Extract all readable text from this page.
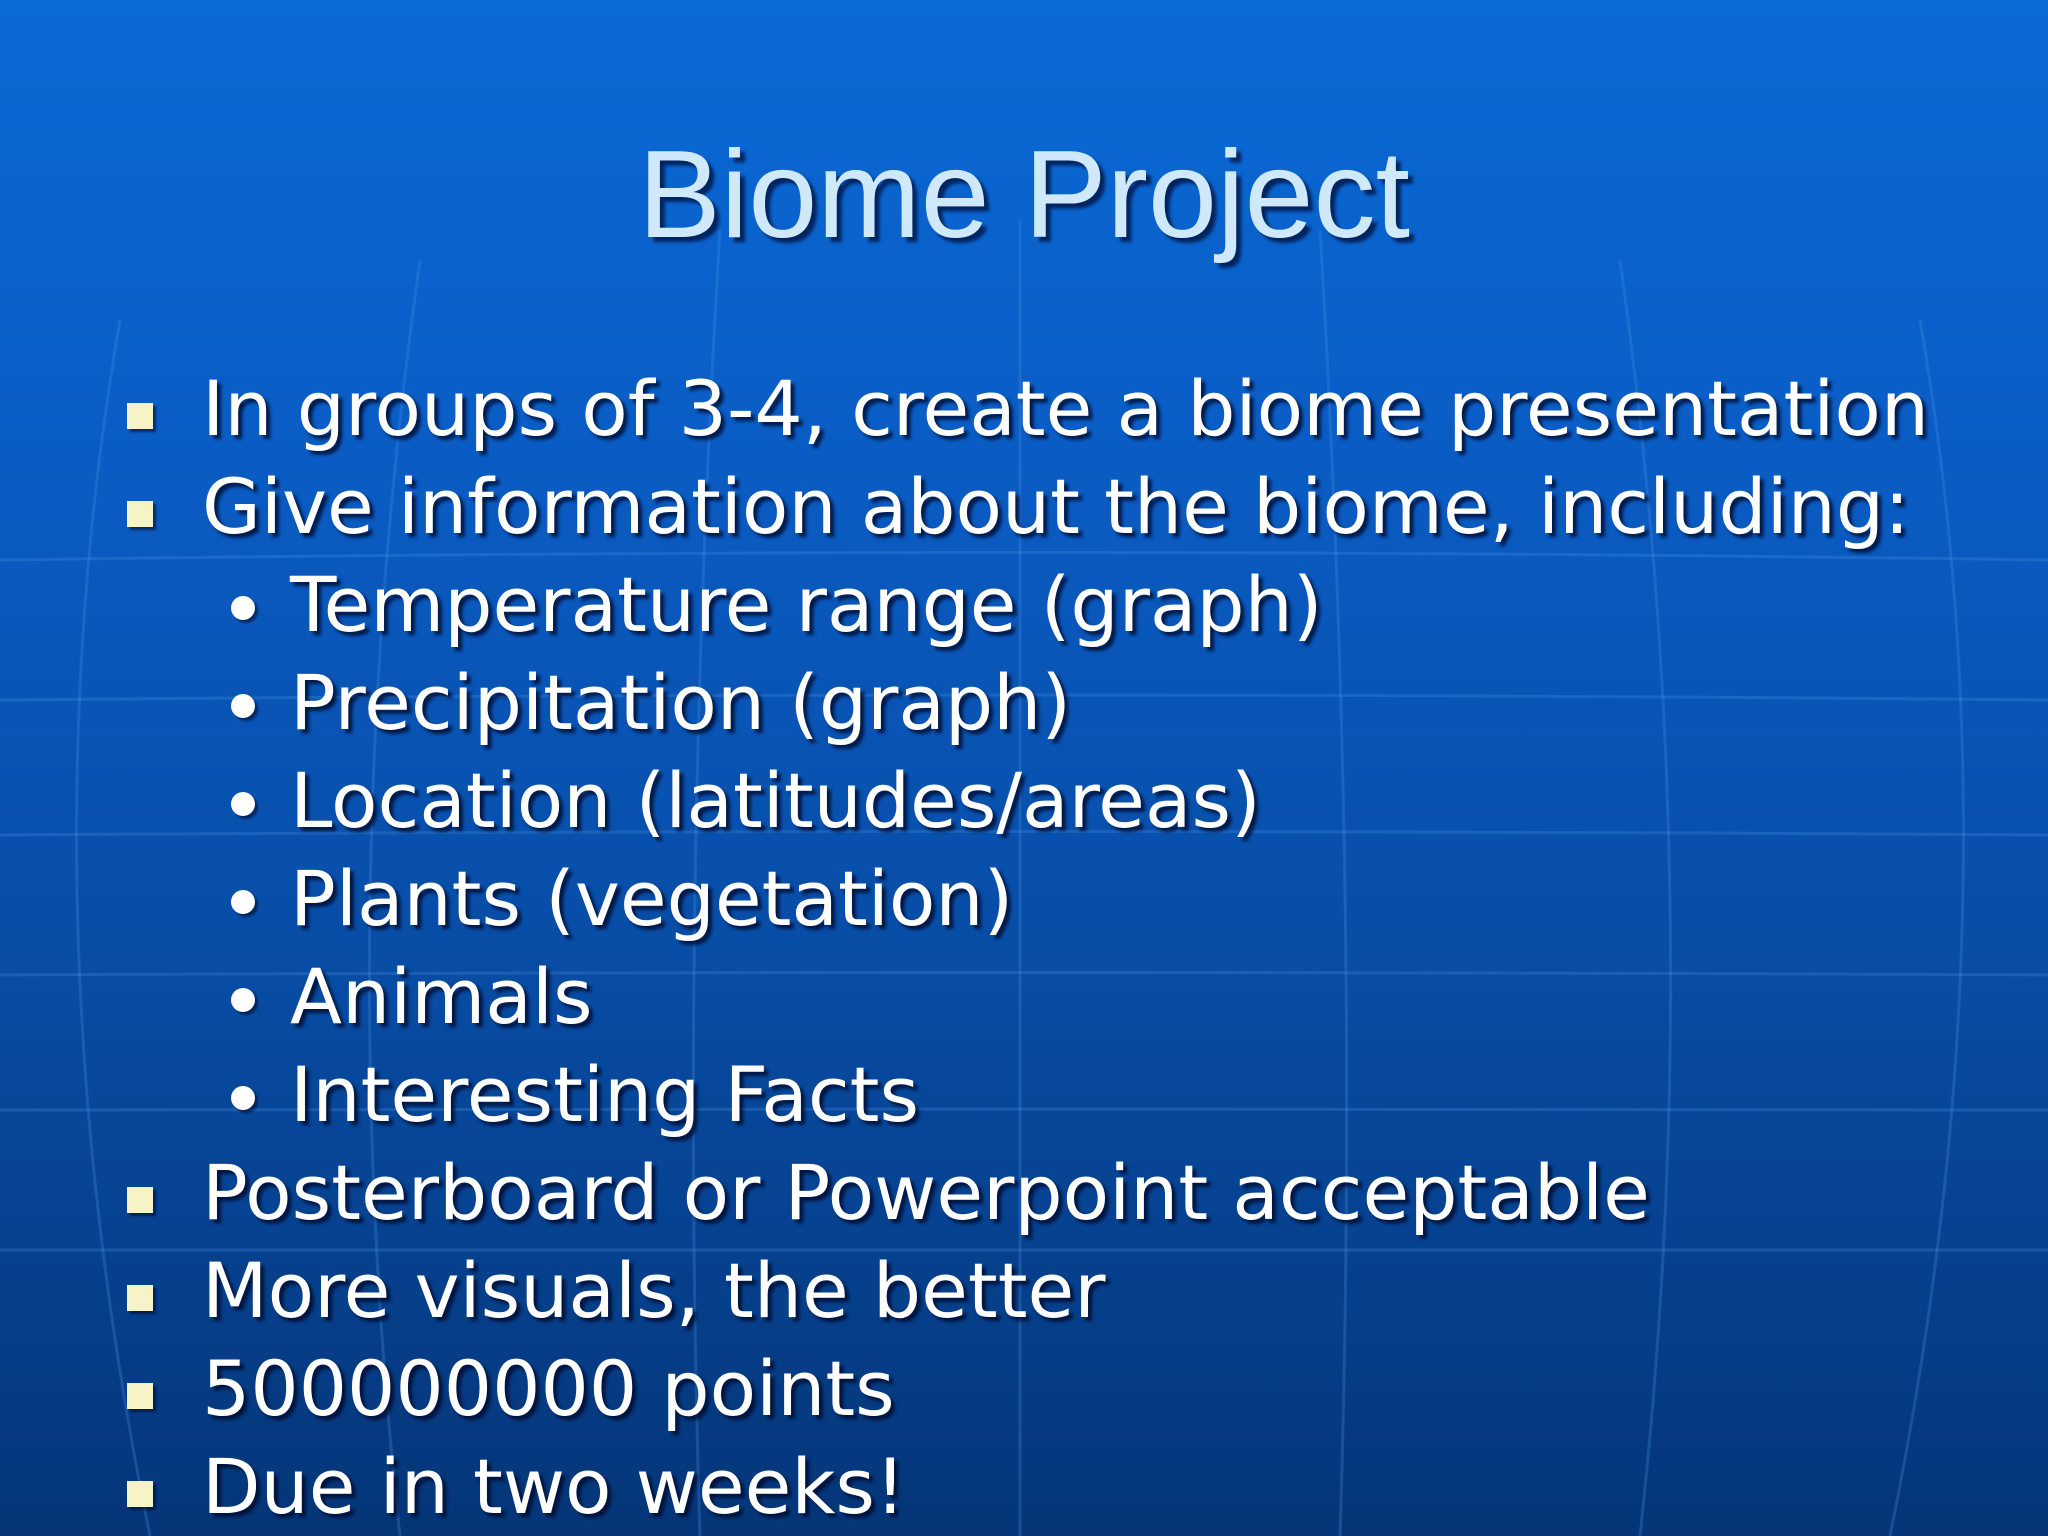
Biome Project
In groups of 3-4, create a biome presentation
Give information about the biome, including:
Temperature range (graph)
Precipitation (graph)
Location (latitudes/areas)
Plants (vegetation)
Animals
Interesting Facts
Posterboard or Powerpoint acceptable
More visuals, the better
500000000 points
Due in two weeks!
